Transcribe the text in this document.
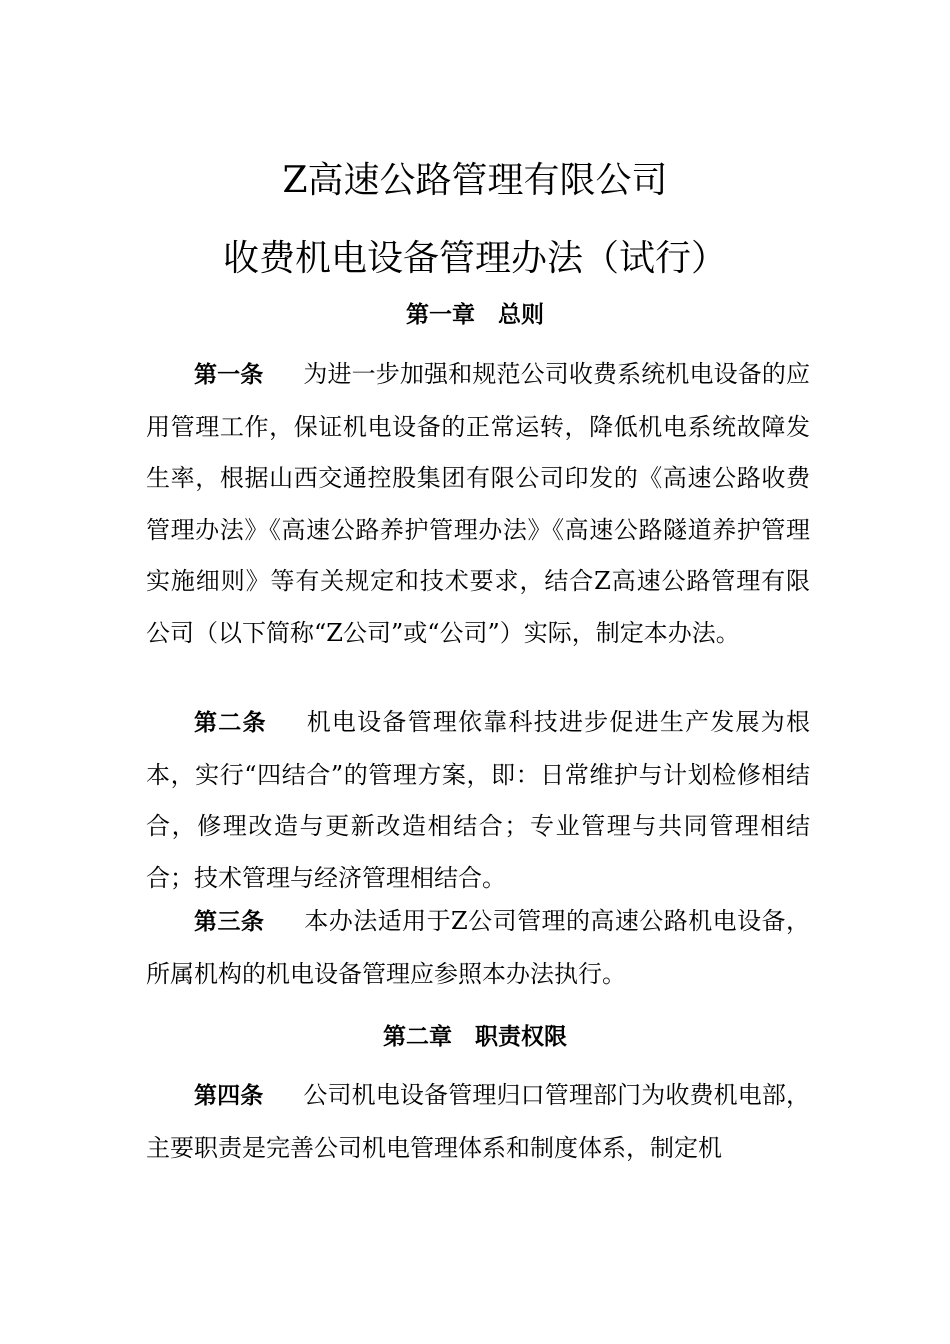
Z高速公路管理有限公司
收费机电设备管理办法（试行）
第一章　总则
第一条 为进一步加强和规范公司收费系统机电设备的应用管理工作，保证机电设备的正常运转，降低机电系统故障发生率，根据山西交通控股集团有限公司印发的《高速公路收费管理办法》《高速公路养护管理办法》《高速公路隧道养护管理实施细则》等有关规定和技术要求，结合Z高速公路管理有限公司（以下简称“Z公司”或“公司”）实际，制定本办法。
第二条 机电设备管理依靠科技进步促进生产发展为根本，实行“四结合”的管理方案，即：日常维护与计划检修相结合，修理改造与更新改造相结合；专业管理与共同管理相结合；技术管理与经济管理相结合。
第三条 本办法适用于Z公司管理的高速公路机电设备，所属机构的机电设备管理应参照本办法执行。
第二章　职责权限
第四条 公司机电设备管理归口管理部门为收费机电部，主要职责是完善公司机电管理体系和制度体系，制定机
